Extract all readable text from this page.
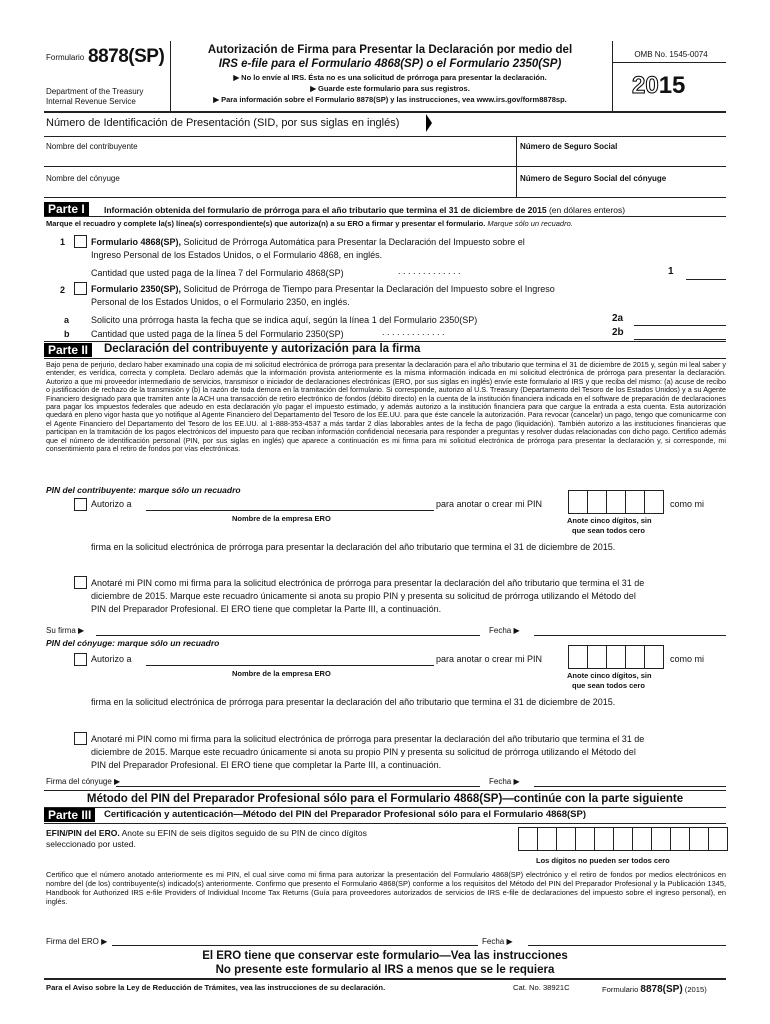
Formulario 8878(SP)
Department of the Treasury
Internal Revenue Service
Autorización de Firma para Presentar la Declaración por medio del
IRS e-file para el Formulario 4868(SP) o el Formulario 2350(SP)
▶ No lo envíe al IRS. Ésta no es una solicitud de prórroga para presentar la declaración.
▶ Guarde este formulario para sus registros.
▶ Para información sobre el Formulario 8878(SP) y las instrucciones, vea www.irs.gov/form8878sp.
OMB No. 1545-0074
2015
Número de Identificación de Presentación (SID, por sus siglas en inglés)
Nombre del contribuyente	Número de Seguro Social
Nombre del cónyuge	Número de Seguro Social del cónyuge
Parte I	Información obtenida del formulario de prórroga para el año tributario que termina el 31 de diciembre de 2015 (en dólares enteros)
Marque el recuadro y complete la(s) línea(s) correspondiente(s) que autoriza(n) a su ERO a firmar y presentar el formulario. Marque sólo un recuadro.
1	Formulario 4868(SP), Solicitud de Prórroga Automática para Presentar la Declaración del Impuesto sobre el
Ingreso Personal de los Estados Unidos, o el Formulario 4868, en inglés.
Cantidad que usted paga de la línea 7 del Formulario 4868(SP)	. . . . . . . . . . . . .	1
2	Formulario 2350(SP), Solicitud de Prórroga de Tiempo para Presentar la Declaración del Impuesto sobre el Ingreso
Personal de los Estados Unidos, o el Formulario 2350, en inglés.
a Solicito una prórroga hasta la fecha que se indica aquí, según la línea 1 del Formulario 2350(SP)	2a
b Cantidad que usted paga de la línea 5 del Formulario 2350(SP)	. . . . . . . . . . . . .	2b
Parte II	Declaración del contribuyente y autorización para la firma
Bajo pena de perjurio, declaro haber examinado una copia de mi solicitud electrónica de prórroga para presentar la declaración para el año tributario que termina el 31 de diciembre de 2015 y, según mi leal saber y entender, es verídica, correcta y completa. Declaro además que la información provista anteriormente es la misma información indicada en mi solicitud electrónica de prórroga para presentar la declaración. Autorizo a que mi proveedor intermediario de servicios, transmisor o iniciador de declaraciones electrónicas (ERO, por sus siglas en inglés) envíe este formulario al IRS y que reciba del mismo: (a) acuse de recibo o justificación de rechazo de la transmisión y (b) la razón de toda demora en la tramitación del formulario. Si corresponde, autorizo al U.S. Treasury (Departamento del Tesoro de los Estados Unidos) y a su Agente Financiero designado para que tramiten ante la ACH una transacción de retiro electrónico de fondos (débito directo) en la cuenta de la institución financiera indicada en el software de preparación de declaraciones para pagar los impuestos federales que adeudo en esta declaración y/o pagar el impuesto estimado, y además autorizo a la institución financiera para que cargue la entrada a esta cuenta. Esta autorización quedará en pleno vigor hasta que yo notifique al Agente Financiero del Departamento del Tesoro de los EE.UU. para que éste cancele la autorización. Para revocar (cancelar) un pago, tengo que comunicarme con el Agente Financiero del Departamento del Tesoro de los EE.UU. al 1-888-353-4537 a más tardar 2 días laborables antes de la fecha de pago (liquidación). También autorizo a las instituciones financieras que participan en la tramitación de los pagos electrónicos del impuesto para que reciban información confidencial necesaria para responder a preguntas y resolver dudas relacionadas con dicho pago. Certifico además que el número de identificación personal (PIN, por sus siglas en inglés) que aparece a continuación es mi firma para mi solicitud electrónica de prórroga para presentar la declaración y, si corresponde, mi consentimiento para el retiro de fondos por vías electrónicas.
PIN del contribuyente: marque sólo un recuadro
Autorizo a	para anotar o crear mi PIN	como mi
Nombre de la empresa ERO	Anote cinco dígitos, sin
que sean todos cero
firma en la solicitud electrónica de prórroga para presentar la declaración del año tributario que termina el 31 de diciembre de 2015.
Anotaré mi PIN como mi firma para la solicitud electrónica de prórroga para presentar la declaración del año tributario que termina el 31 de
diciembre de 2015. Marque este recuadro únicamente si anota su propio PIN y presenta su solicitud de prórroga utilizando el Método del
PIN del Preparador Profesional. El ERO tiene que completar la Parte III, a continuación.
Su firma ▶	Fecha ▶
PIN del cónyuge: marque sólo un recuadro
Autorizo a	para anotar o crear mi PIN	como mi
Nombre de la empresa ERO	Anote cinco dígitos, sin
que sean todos cero
firma en la solicitud electrónica de prórroga para presentar la declaración del año tributario que termina el 31 de diciembre de 2015.
Anotaré mi PIN como mi firma para la solicitud electrónica de prórroga para presentar la declaración del año tributario que termina el 31 de
diciembre de 2015. Marque este recuadro únicamente si anota su propio PIN y presenta su solicitud de prórroga utilizando el Método del
PIN del Preparador Profesional. El ERO tiene que completar la Parte III, a continuación.
Firma del cónyuge ▶	Fecha ▶
Método del PIN del Preparador Profesional sólo para el Formulario 4868(SP)—continúe con la parte siguiente
Parte III	Certificación y autenticación—Método del PIN del Preparador Profesional sólo para el Formulario 4868(SP)
EFIN/PIN del ERO. Anote su EFIN de seis dígitos seguido de su PIN de cinco dígitos
seleccionado por usted.
Los dígitos no pueden ser todos cero
Certifico que el número anotado anteriormente es mi PIN, el cual sirve como mi firma para autorizar la presentación del Formulario 4868(SP) electrónico y el retiro de fondos por medios electrónicos en nombre del (de los) contribuyente(s) indicado(s) anteriormente. Confirmo que presento el Formulario 4868(SP) conforme a los requisitos del Método del PIN del Preparador Profesional y la Publicación 1345, Handbook for Authorized IRS e-file Providers of Individual Income Tax Returns (Guía para proveedores autorizados de servicios de IRS e-file de declaraciones del impuesto sobre el ingreso personal), en inglés.
Firma del ERO ▶	Fecha ▶
El ERO tiene que conservar este formulario—Vea las instrucciones
No presente este formulario al IRS a menos que se le requiera
Para el Aviso sobre la Ley de Reducción de Trámites, vea las instrucciones de su declaración.	Cat. No. 38921C	Formulario 8878(SP) (2015)
